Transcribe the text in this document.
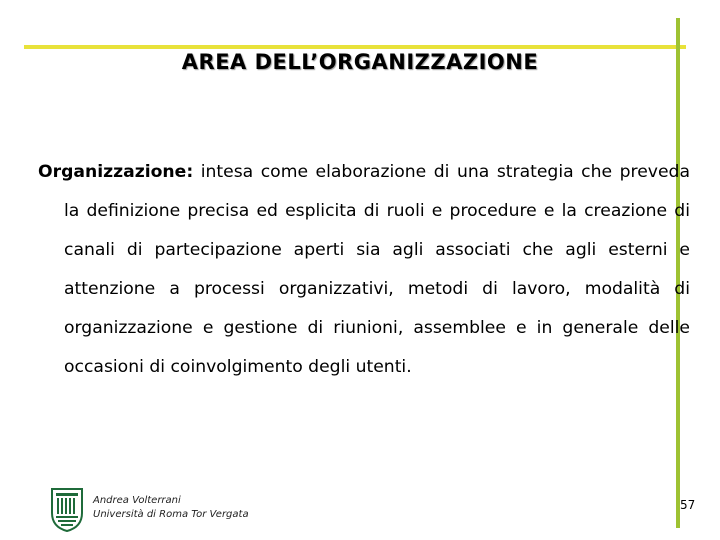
AREA DELL’ORGANIZZAZIONE
Organizzazione: intesa come elaborazione di una strategia che preveda la definizione precisa ed esplicita di ruoli e procedure e la creazione di canali di partecipazione aperti sia agli associati che agli esterni e attenzione a processi organizzativi, metodi di lavoro, modalità di organizzazione e gestione di riunioni, assemblee e in generale delle occasioni di coinvolgimento degli utenti.
Andrea Volterrani
Università di Roma Tor Vergata
57
